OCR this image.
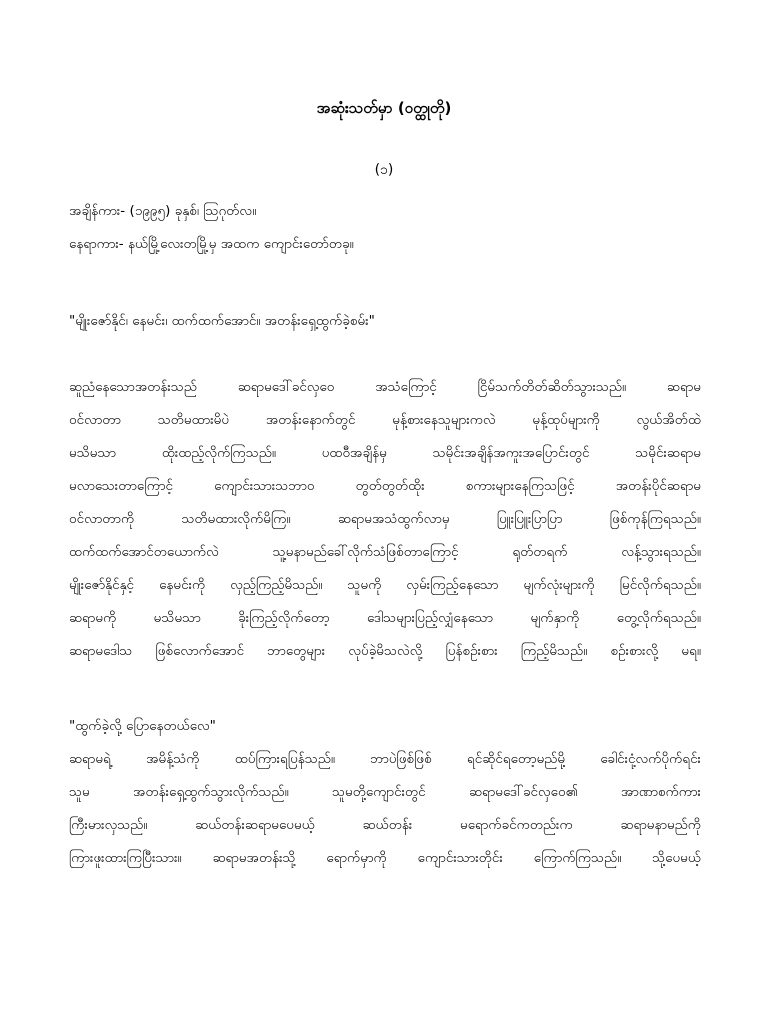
အဆုံးသတ်မှာ (ဝတ္ထုတို)
(၁)
အချိန်ကား- (၁၉၉၅) ခုနှစ်၊ သြဂုတ်လ။
နေရာကား- နယ်မြို့လေးတမြို့မှ အထက ကျောင်းတော်တခု။
"မျိုးဇော်နိုင်၊ နေမင်း၊ ထက်ထက်အောင်။ အတန်းရှေ့ထွက်ခဲ့စမ်း"
ဆူညံနေသောအတန်းသည် ဆရာမဒေါ်ခင်လှဝေ အသံကြောင့် ငြိမ်သက်တိတ်ဆိတ်သွားသည်။ ဆရာမ
ဝင်လာတာ သတိမထားမိပဲ အတန်းနောက်တွင် မုန့်စားနေသူများကလဲ မုန့်ထုပ်များကို လွယ်အိတ်ထဲ
မသိမသာ ထိုးထည့်လိုက်ကြသည်။ ပထဝီအချိန်မှ သမိုင်းအချိန်အကူးအပြောင်းတွင် သမိုင်းဆရာမ
မလာသေးတာကြောင့် ကျောင်းသားသဘာဝ တွတ်တွတ်ထိုး စကားများနေကြသဖြင့် အတန်းပိုင်ဆရာမ
ဝင်လာတာကို သတိမထားလိုက်မိကြ။ ဆရာမအသံထွက်လာမှ ပြူးပြူးပြာပြာ ဖြစ်ကုန်ကြရသည်။
ထက်ထက်အောင်တယောက်လဲ သူ့မနာမည်ခေါ်လိုက်သံဖြစ်တာကြောင့် ရုတ်တရက် လန့်သွားရသည်။
မျိုးဇော်နိုင်နှင့် နေမင်းကို လှည့်ကြည့်မိသည်။ သူမကို လှမ်းကြည့်နေသော မျက်လုံးများကို မြင်လိုက်ရသည်။
ဆရာမကို မသိမသာ ခိုးကြည့်လိုက်တော့ ဒေါသများပြည့်လျှံနေသော မျက်နှာကို တွေ့လိုက်ရသည်။
ဆရာမဒေါသ ဖြစ်လောက်အောင် ဘာတွေများ လုပ်ခဲ့မိသလဲလို့ ပြန်စဉ်းစား ကြည့်မိသည်။ စဉ်းစားလို့ မရ။
"ထွက်ခဲ့လို့ ပြောနေတယ်လေ"
ဆရာမရဲ့ အမိန့်သံကို ထပ်ကြားရပြန်သည်။ ဘာပဲဖြစ်ဖြစ် ရင်ဆိုင်ရတော့မည်မို့ ခေါင်းငုံ့လက်ပိုက်ရင်း
သူမ အတန်းရှေ့ထွက်သွားလိုက်သည်။ သူမတို့ကျောင်းတွင် ဆရာမဒေါ်ခင်လှဝေ၏ အာဏာစက်ကား
ကြီးမားလှသည်။ ဆယ်တန်းဆရာမပေမယ့် ဆယ်တန်း မရောက်ခင်ကတည်းက ဆရာမနာမည်ကို
ကြားဖူးထားကြပြီးသား။ ဆရာမအတန်းသို့ ရောက်မှာကို ကျောင်းသားတိုင်း ကြောက်ကြသည်။ သို့ပေမယ့်
